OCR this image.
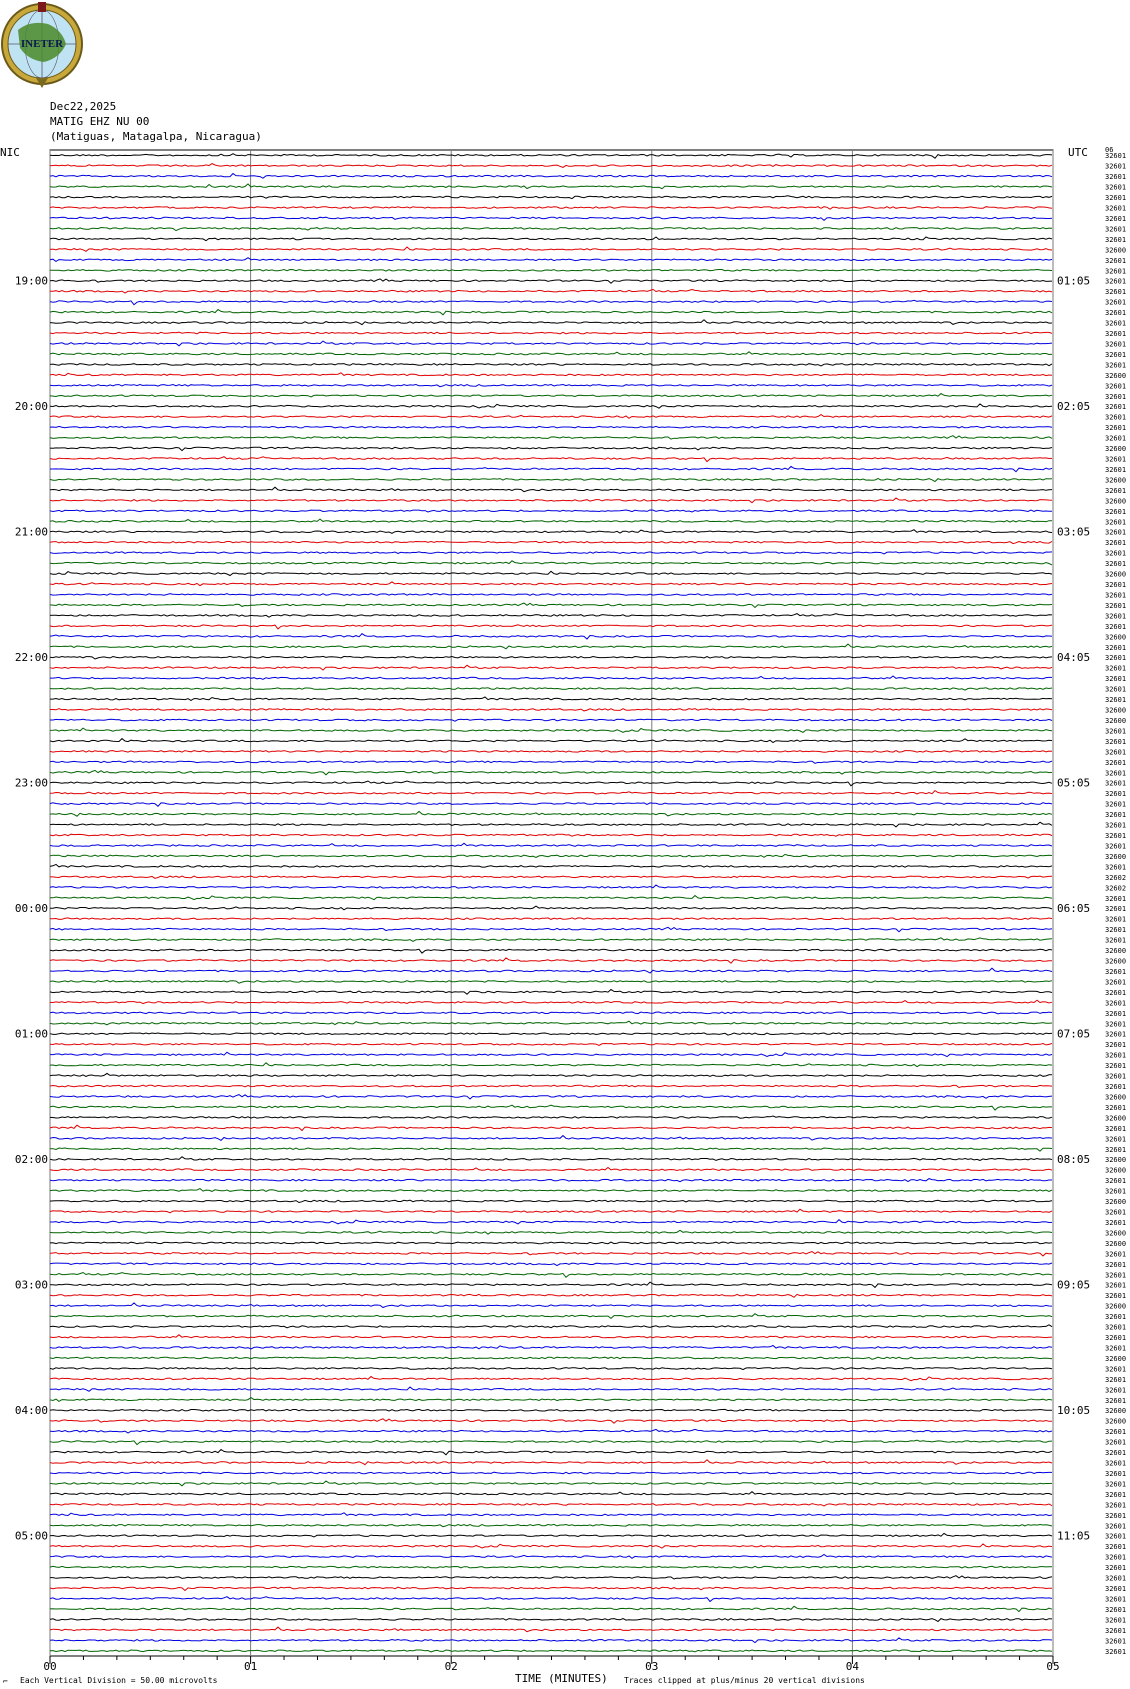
INETER
Dec22,2025
MATIG EHZ NU 00
(Matiguas, Matagalpa, Nicaragua)
NIC	UTC 06
00	01	02	03	04	05
32601
32601
32601
32601
32601
32601
32601
32601
32601
32600
32601
32601
32601
32601
32601
32601
32601
32601
32601
32601
32601
32600
32601
32601
32601
32601
32601
32601
32600
32601
32601
32600
32601
32600
32601
32601
32601
32601
32601
32601
32600
32601
32601
32601
32601
32601
32600
32601
32601
32601
32601
32601
32601
32600
32600
32601
32601
32601
32601
32601
32601
32601
32601
32601
32601
32601
32601
32600
32601
32602
32602
32601
32601
32601
32601
32601
32600
32600
32601
32601
32601
32601
32601
32601
32601
32601
32601
32601
32601
32601
32600
32601
32600
32601
32601
32601
32600
32600
32601
32601
32600
32601
32601
32600
32600
32601
32601
32601
32601
32601
32600
32601
32601
32601
32601
32600
32601
32601
32601
32601
32600
32600
32601
32601
32601
32601
32601
32601
32601
32601
32601
32601
32601
32601
32601
32601
32601
32601
32601
32601
32601
32601
32601
32601
19:00
20:00
21:00
22:00
23:00
00:00
01:00
02:00
03:00
04:00
05:00
01:05
02:05
03:05
04:05
05:05
06:05
07:05
08:05
09:05
10:05
11:05
⌐ Each Vertical Division = 50.00 microvolts	TIME (MINUTES) Traces clipped at plus/minus 20 vertical divisions
